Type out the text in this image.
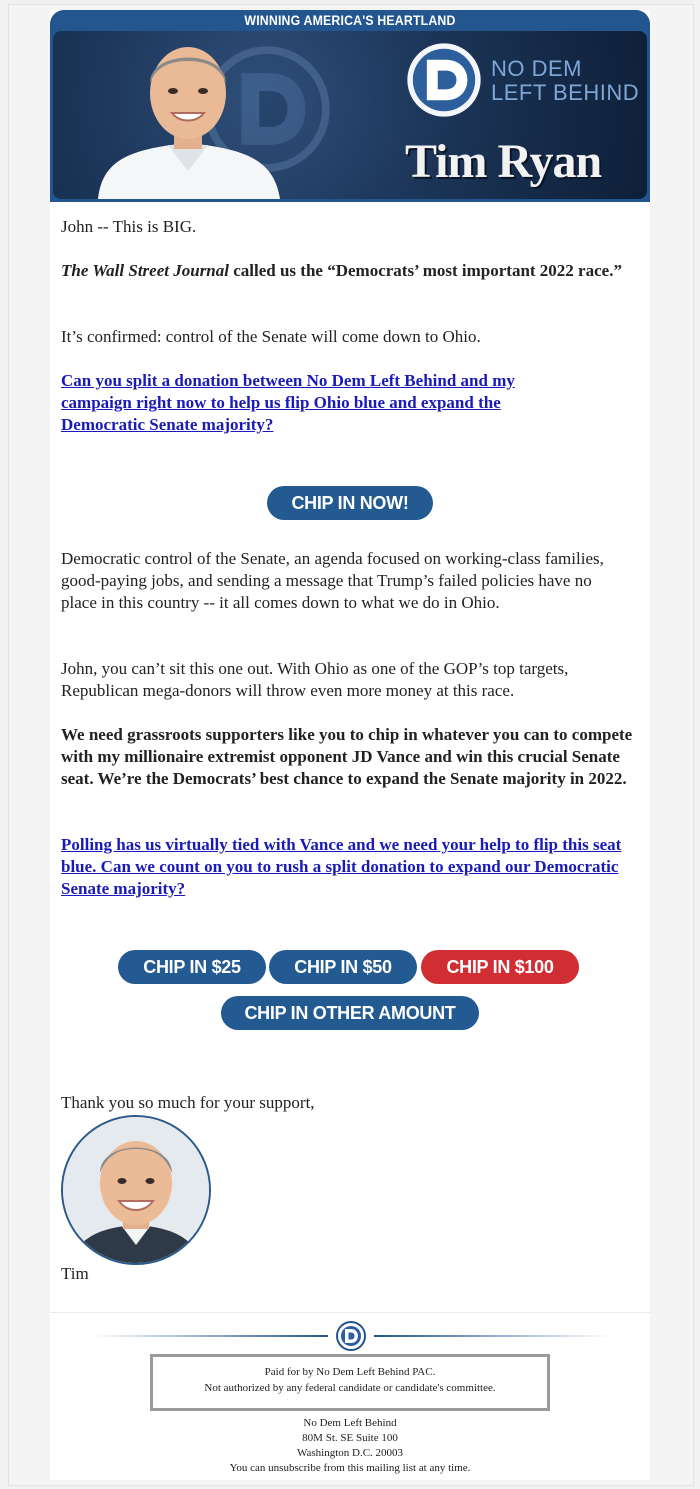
WINNING AMERICA'S HEARTLAND
NO DEM
LEFT BEHIND
Tim Ryan
John -- This is BIG.
The Wall Street Journal called us the “Democrats’ most important 2022 race.”
It’s confirmed: control of the Senate will come down to Ohio.
Can you split a donation between No Dem Left Behind and my campaign right now to help us flip Ohio blue and expand the Democratic Senate majority?
CHIP IN NOW!
Democratic control of the Senate, an agenda focused on working-class families, good-paying jobs, and sending a message that Trump’s failed policies have no place in this country -- it all comes down to what we do in Ohio.
John, you can’t sit this one out. With Ohio as one of the GOP’s top targets, Republican mega-donors will throw even more money at this race.
We need grassroots supporters like you to chip in whatever you can to compete with my millionaire extremist opponent JD Vance and win this crucial Senate seat. We’re the Democrats’ best chance to expand the Senate majority in 2022.
Polling has us virtually tied with Vance and we need your help to flip this seat blue. Can we count on you to rush a split donation to expand our Democratic Senate majority?
CHIP IN $25	CHIP IN $50	CHIP IN $100
CHIP IN OTHER AMOUNT
Thank you so much for your support,
Tim
Paid for by No Dem Left Behind PAC.
Not authorized by any federal candidate or candidate's committee.
No Dem Left Behind
80M St. SE Suite 100
Washington D.C. 20003
You can unsubscribe from this mailing list at any time.
